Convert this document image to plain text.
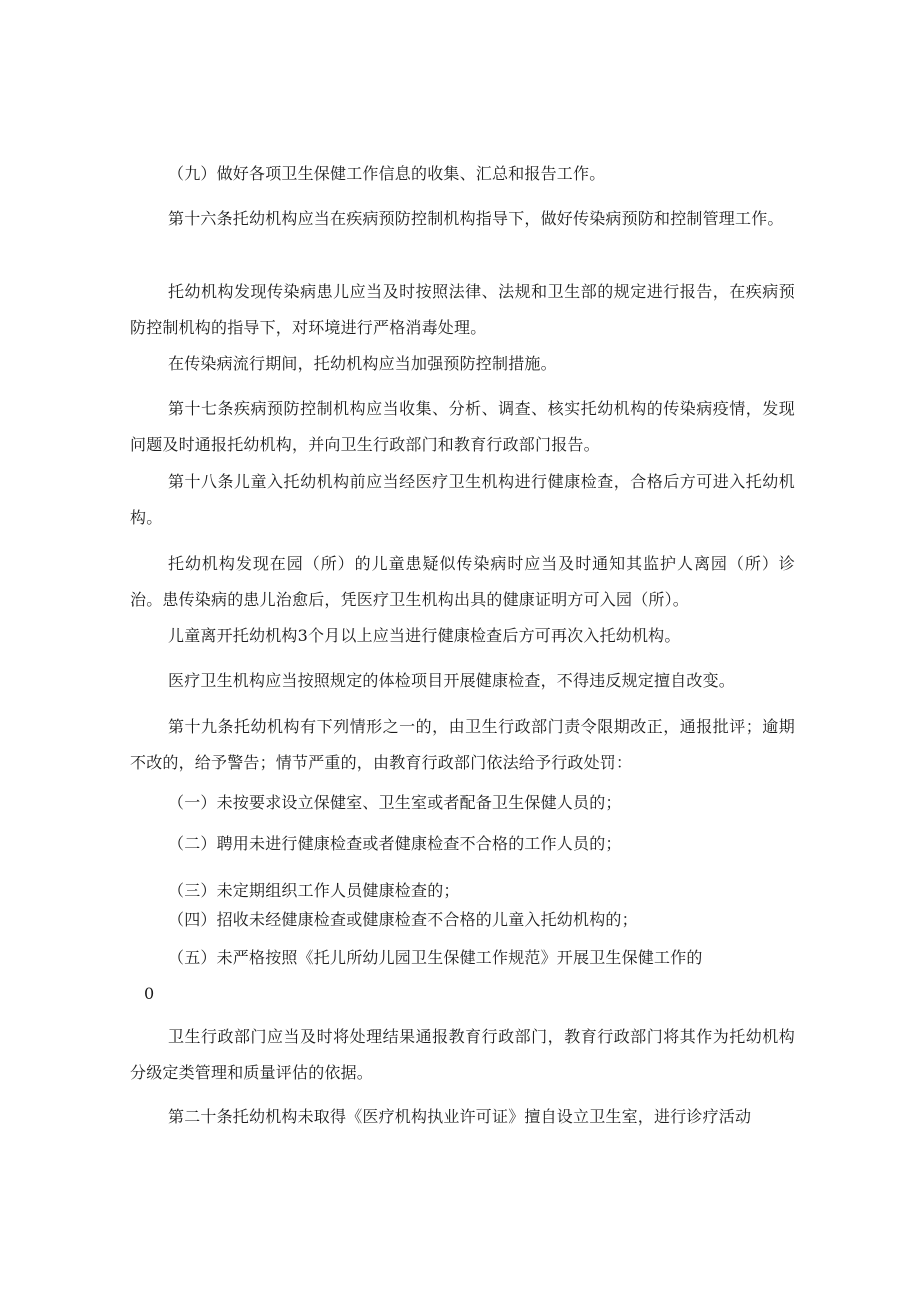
（九）做好各项卫生保健工作信息的收集、汇总和报告工作。

第十六条托幼机构应当在疾病预防控制机构指导下，做好传染病预防和控制管理工作。

托幼机构发现传染病患儿应当及时按照法律、法规和卫生部的规定进行报告，在疾病预防控制机构的指导下，对环境进行严格消毒处理。

在传染病流行期间，托幼机构应当加强预防控制措施。

第十七条疾病预防控制机构应当收集、分析、调查、核实托幼机构的传染病疫情，发现问题及时通报托幼机构，并向卫生行政部门和教育行政部门报告。

第十八条儿童入托幼机构前应当经医疗卫生机构进行健康检查，合格后方可进入托幼机构。

托幼机构发现在园（所）的儿童患疑似传染病时应当及时通知其监护人离园（所）诊治。患传染病的患儿治愈后，凭医疗卫生机构出具的健康证明方可入园（所）。

儿童离开托幼机构3个月以上应当进行健康检查后方可再次入托幼机构。

医疗卫生机构应当按照规定的体检项目开展健康检查，不得违反规定擅自改变。

第十九条托幼机构有下列情形之一的，由卫生行政部门责令限期改正，通报批评；逾期不改的，给予警告；情节严重的，由教育行政部门依法给予行政处罚：

（一）未按要求设立保健室、卫生室或者配备卫生保健人员的；

（二）聘用未进行健康检查或者健康检查不合格的工作人员的；

（三）未定期组织工作人员健康检查的；

（四）招收未经健康检查或健康检查不合格的儿童入托幼机构的；

（五）未严格按照《托儿所幼儿园卫生保健工作规范》开展卫生保健工作的

0

卫生行政部门应当及时将处理结果通报教育行政部门，教育行政部门将其作为托幼机构分级定类管理和质量评估的依据。

第二十条托幼机构未取得《医疗机构执业许可证》擅自设立卫生室，进行诊疗活动
